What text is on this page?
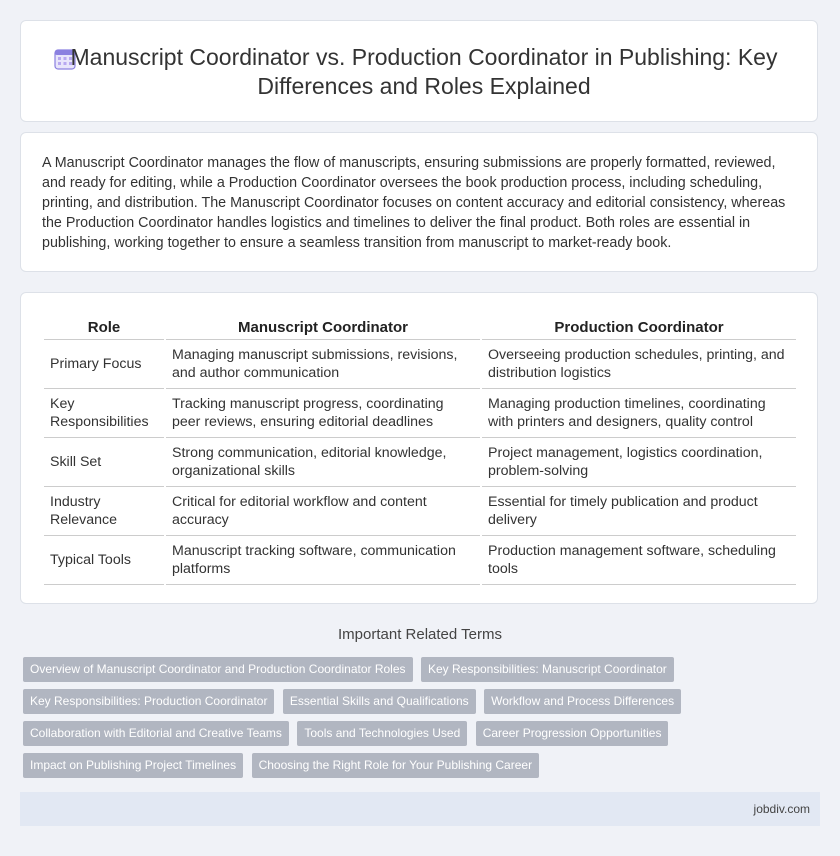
Manuscript Coordinator vs. Production Coordinator in Publishing: Key Differences and Roles Explained

A Manuscript Coordinator manages the flow of manuscripts, ensuring submissions are properly formatted, reviewed, and ready for editing, while a Production Coordinator oversees the book production process, including scheduling, printing, and distribution. The Manuscript Coordinator focuses on content accuracy and editorial consistency, whereas the Production Coordinator handles logistics and timelines to deliver the final product. Both roles are essential in publishing, working together to ensure a seamless transition from manuscript to market-ready book.

Role	Manuscript Coordinator	Production Coordinator
Primary Focus	Managing manuscript submissions, revisions, and author communication	Overseeing production schedules, printing, and distribution logistics
Key Responsibilities	Tracking manuscript progress, coordinating peer reviews, ensuring editorial deadlines	Managing production timelines, coordinating with printers and designers, quality control
Skill Set	Strong communication, editorial knowledge, organizational skills	Project management, logistics coordination, problem-solving
Industry Relevance	Critical for editorial workflow and content accuracy	Essential for timely publication and product delivery
Typical Tools	Manuscript tracking software, communication platforms	Production management software, scheduling tools
Important Related Terms
Overview of Manuscript Coordinator and Production Coordinator Roles Key Responsibilities: Manuscript Coordinator Key Responsibilities: Production Coordinator Essential Skills and Qualifications Workflow and Process Differences Collaboration with Editorial and Creative Teams Tools and Technologies Used Career Progression Opportunities Impact on Publishing Project Timelines Choosing the Right Role for Your Publishing Career
jobdiv.com
